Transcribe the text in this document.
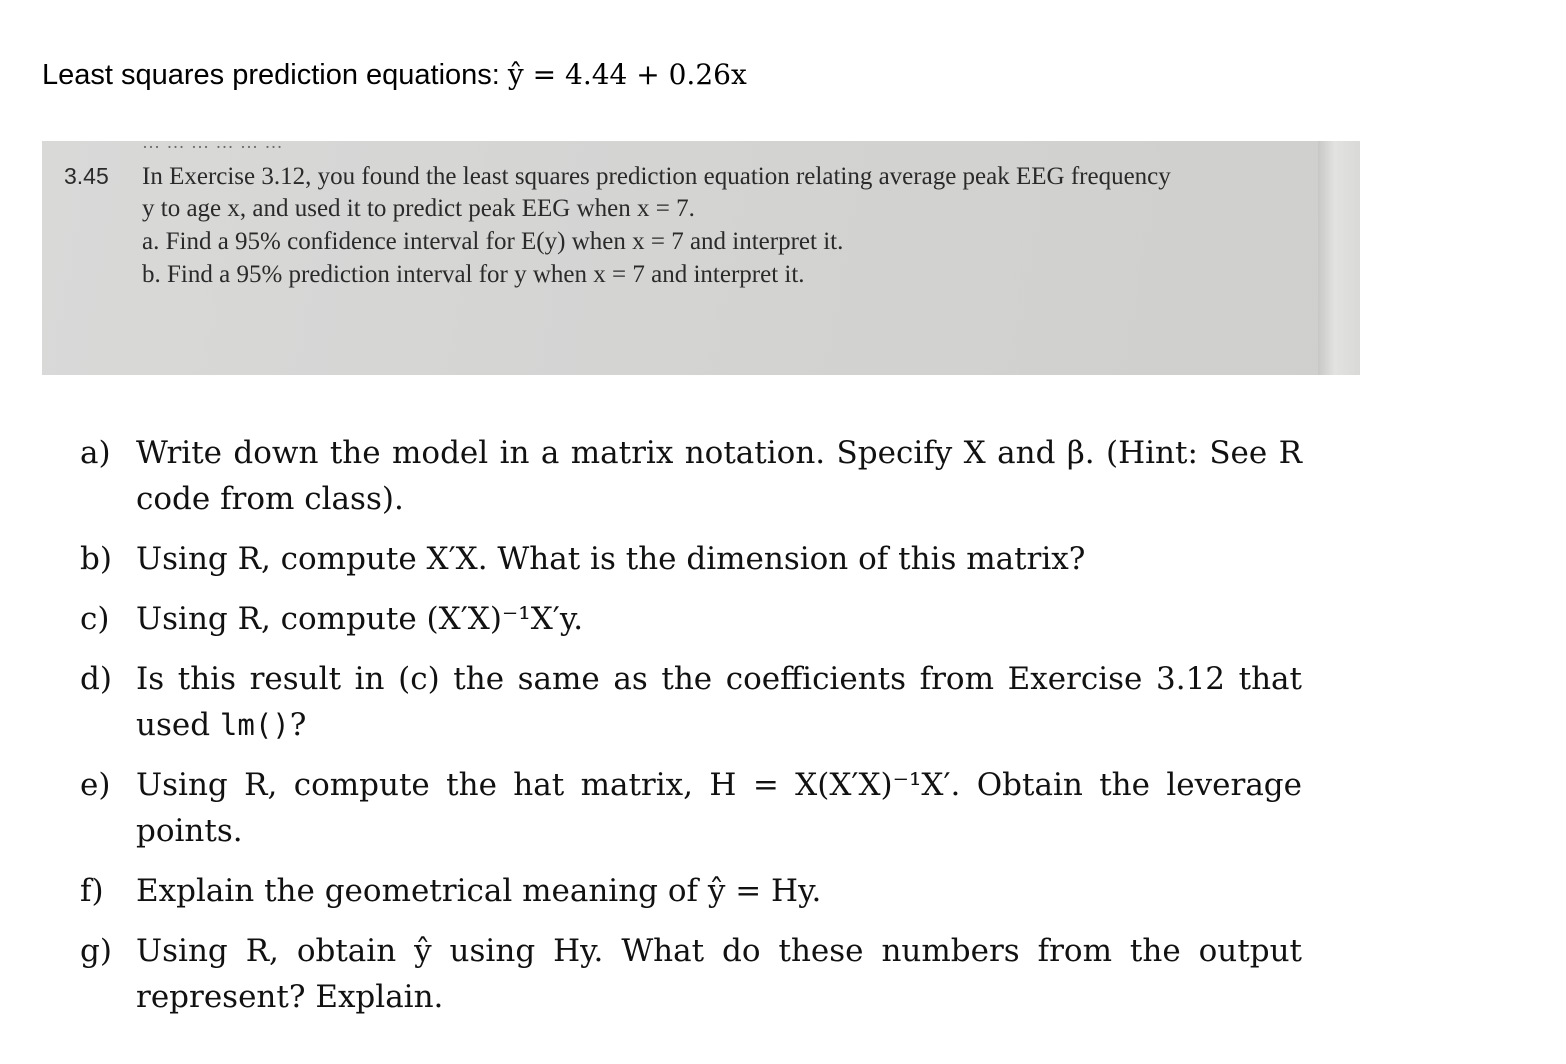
Least squares prediction equations: ŷ = 4.44 + 0.26x
… … … … … …
3.45 In Exercise 3.12, you found the least squares prediction equation relating average peak EEG frequency
y to age x, and used it to predict peak EEG when x = 7.
a. Find a 95% confidence interval for E(y) when x = 7 and interpret it.
b. Find a 95% prediction interval for y when x = 7 and interpret it.
a) Write down the model in a matrix notation. Specify X and β. (Hint: See R code from class).
b) Using R, compute X′X. What is the dimension of this matrix?
c) Using R, compute (X′X)⁻¹X′y.
d) Is this result in (c) the same as the coefficients from Exercise 3.12 that used lm()?
e) Using R, compute the hat matrix, H = X(X′X)⁻¹X′. Obtain the leverage points.
f) Explain the geometrical meaning of ŷ = Hy.
g) Using R, obtain ŷ using Hy. What do these numbers from the output represent? Explain.
